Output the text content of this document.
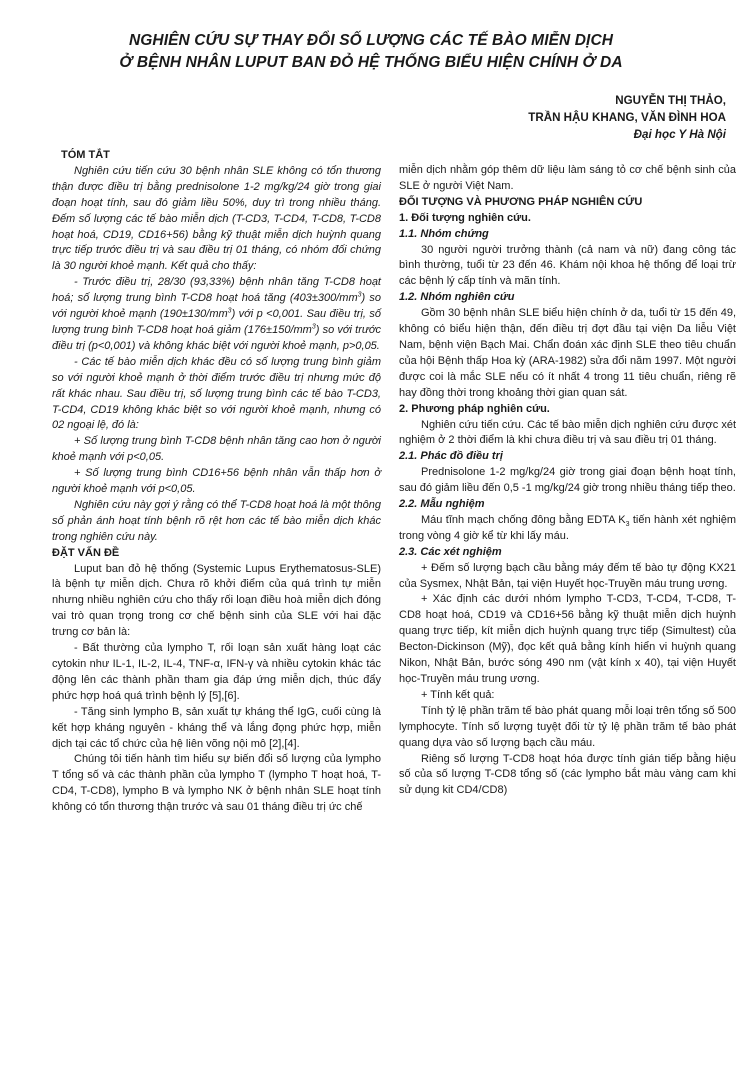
NGHIÊN CỨU SỰ THAY ĐỔI SỐ LƯỢNG CÁC TẾ BÀO MIỄN DỊCH
Ở BỆNH NHÂN LUPUT BAN ĐỎ HỆ THỐNG BIỂU HIỆN CHÍNH Ở DA
NGUYỄN THỊ THẢO,
TRẦN HẬU KHANG, VĂN ĐÌNH HOA
Đại học Y Hà Nội

TÓM TẮT

Nghiên cứu tiến cứu 30 bệnh nhân SLE không có tổn thương thận được điều trị bằng prednisolone 1-2 mg/kg/24 giờ trong giai đoạn hoạt tính, sau đó giảm liều 50%, duy trì trong nhiều tháng. Đếm số lượng các tế bào miễn dịch (T-CD3, T-CD4, T-CD8, T-CD8 hoạt hoá, CD19, CD16+56) bằng kỹ thuật miễn dịch huỳnh quang trực tiếp trước điều trị và sau điều trị 01 tháng, có nhóm đối chứng là 30 người khoẻ mạnh. Kết quả cho thấy:

- Trước điều trị, 28/30 (93,33%) bệnh nhân tăng T-CD8 hoạt hoá; số lượng trung bình T-CD8 hoạt hoá tăng $(403\pm 300/mm^3)$ so với người khoẻ mạnh $(190\pm 130/mm^3)$ với p <0,001. Sau điều trị, số lượng trung bình T-CD8 hoạt hoá giảm $(176\pm 150/mm^3)$ so với trước điều trị (p<0,001) và không khác biệt với người khoẻ mạnh, p>0,05.

- Các tế bào miễn dịch khác đều có số lượng trung bình giảm so với người khoẻ mạnh ở thời điểm trước điều trị nhưng mức độ rất khác nhau. Sau điều trị, số lượng trung bình các tế bào T-CD3, T-CD4, CD19 không khác biệt so với người khoẻ mạnh, nhưng có 02 ngoại lệ, đó là:

+ Số lượng trung bình T-CD8 bệnh nhân tăng cao hơn ở người khoẻ mạnh với p<0,05.

+ Số lượng trung bình CD16+56 bệnh nhân vẫn thấp hơn ở người khoẻ mạnh với p<0,05.

Nghiên cứu này gợi ý rằng có thể T-CD8 hoạt hoá là một thông số phản ánh hoạt tính bệnh rõ rệt hơn các tế bào miễn dịch khác trong nghiên cứu này.

ĐẶT VẤN ĐỀ

Luput ban đỏ hệ thống (Systemic Lupus Erythematosus-SLE) là bệnh tự miễn dịch. Chưa rõ khởi điểm của quá trình tự miễn nhưng nhiều nghiên cứu cho thấy rối loạn điều hoà miễn dịch đóng vai trò quan trọng trong cơ chế bệnh sinh của SLE với hai đặc trưng cơ bản là:

- Bất thường của lympho T, rối loạn sản xuất hàng loạt các cytokin như IL-1, IL-2, IL-4, TNF-α, IFN-γ và nhiều cytokin khác tác động lên các thành phần tham gia đáp ứng miễn dịch, thúc đẩy phức hợp hoá quá trình bệnh lý [5],[6].

- Tăng sinh lympho B, sản xuất tự kháng thể IgG, cuối cùng là kết hợp kháng nguyên - kháng thể và lắng đọng phức hợp, miễn dịch tại các tổ chức của hệ liên võng nội mô [2],[4].

Chúng tôi tiến hành tìm hiểu sự biến đổi số lượng của lympho T tổng số và các thành phần của lympho T (lympho T hoạt hoá, T-CD4, T-CD8), lympho B và lympho NK ở bệnh nhân SLE hoạt tính không có tổn thương thận trước và sau 01 tháng điều trị ức chế

miễn dịch nhằm góp thêm dữ liệu làm sáng tỏ cơ chế bệnh sinh của SLE ở người Việt Nam.

ĐỐI TƯỢNG VÀ PHƯƠNG PHÁP NGHIÊN CỨU

1. Đối tượng nghiên cứu.

1.1. Nhóm chứng

30 người người trưởng thành (cả nam và nữ) đang công tác bình thường, tuổi từ 23 đến 46. Khám nội khoa hệ thống để loại trừ các bệnh lý cấp tính và mãn tính.

1.2. Nhóm nghiên cứu

Gồm 30 bệnh nhân SLE biểu hiện chính ở da, tuổi từ 15 đến 49, không có biểu hiện thận, đến điều trị đợt đầu tại viện Da liễu Việt Nam, bệnh viện Bạch Mai. Chẩn đoán xác định SLE theo tiêu chuẩn của hội Bệnh thấp Hoa kỳ (ARA-1982) sửa đổi năm 1997. Một người được coi là mắc SLE nếu có ít nhất 4 trong 11 tiêu chuẩn, riêng rẽ hay đồng thời trong khoảng thời gian quan sát.

2. Phương pháp nghiên cứu.

Nghiên cứu tiến cứu. Các tế bào miễn dịch nghiên cứu được xét nghiệm ở 2 thời điểm là khi chưa điều trị và sau điều trị 01 tháng.

2.1. Phác đồ điều trị

Prednisolone 1-2 mg/kg/24 giờ trong giai đoạn bệnh hoạt tính, sau đó giảm liều đến 0,5 -1 mg/kg/24 giờ trong nhiều tháng tiếp theo.

2.2. Mẫu nghiệm

Máu tĩnh mạch chống đông bằng EDTA $K_3$ tiến hành xét nghiệm trong vòng 4 giờ kể từ khi lấy máu.

2.3. Các xét nghiệm

+ Đếm số lượng bạch cầu bằng máy đếm tế bào tự động KX21 của Sysmex, Nhật Bản, tại viện Huyết học-Truyền máu trung ương.

+ Xác định các dưới nhóm lympho T-CD3, T-CD4, T-CD8, T-CD8 hoạt hoá, CD19 và CD16+56 bằng kỹ thuật miễn dịch huỳnh quang trực tiếp, kít miễn dịch huỳnh quang trực tiếp (Simultest) của Becton-Dickinson (Mỹ), đọc kết quả bằng kính hiển vi huỳnh quang Nikon, Nhật Bản, bước sóng 490 nm (vật kính x 40), tại viện Huyết học-Truyền máu trung ương.

+ Tính kết quả:

Tính tỷ lệ phần trăm tế bào phát quang mỗi loại trên tổng số 500 lymphocyte. Tính số lượng tuyệt đối từ tỷ lệ phần trăm tế bào phát quang dựa vào số lượng bạch cầu máu.

Riêng số lượng T-CD8 hoạt hóa được tính gián tiếp bằng hiệu số của số lượng T-CD8 tổng số (các lympho bắt màu vàng cam khi sử dụng kit CD4/CD8)
